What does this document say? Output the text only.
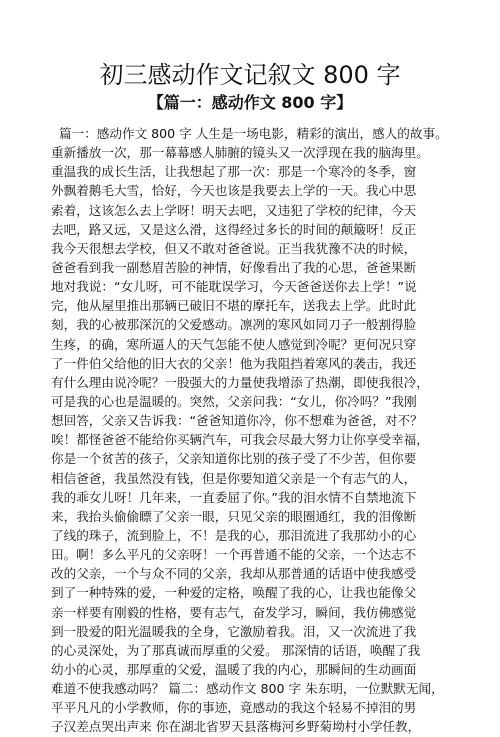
初三感动作文记叙文 800 字
【篇一：感动作文 800 字】
篇一：感动作文 800 字 人生是一场电影，精彩的演出，感人的故事。
重新播放一次，那一幕幕感人肺腑的镜头又一次浮现在我的脑海里。
重温我的成长生活，让我想起了那一次：那是一个寒冷的冬季，窗
外飘着鹅毛大雪，恰好，今天也该是我要去上学的一天。我心中思
索着，这该怎么去上学呀！明天去吧，又违犯了学校的纪律，今天
去吧，路又远，又是这么滑，这得经过多长的时间的颠簸呀！反正
我今天很想去学校，但又不敢对爸爸说。正当我犹豫不决的时候，
爸爸看到我一副愁眉苦脸的神情，好像看出了我的心思，爸爸果断
地对我说：“女儿呀，可不能耽误学习，今天爸爸送你去上学！”说
完，他从屋里推出那辆已破旧不堪的摩托车，送我去上学。此时此
刻，我的心被那深沉的父爱感动。凛冽的寒风如同刀子一般割得脸
生疼，的确，寒所逼人的天气怎能不使人感觉到冷呢？更何况只穿
了一件伯父给他的旧大衣的父亲！他为我阻挡着寒风的袭击，我还
有什么理由说冷呢？一股强大的力量使我增添了热潮，即使我很冷，
可是我的心也是温暖的。突然，父亲问我：“女儿，你冷吗？”我刚
想回答，父亲又告诉我：“爸爸知道你冷，你不想难为爸爸，对不？
唉！都怪爸爸不能给你买辆汽车，可我会尽最大努力让你享受幸福，
你是一个贫苦的孩子，父亲知道你比别的孩子受了不少苦，但你要
相信爸爸，我虽然没有钱，但是你要知道父亲是一个有志气的人，
我的乖女儿呀！几年来，一直委屈了你。”我的泪水情不自禁地流下
来，我抬头偷偷瞟了父亲一眼，只见父亲的眼圈通红，我的泪像断
了线的珠子，流到脸上，不！是我的心，那泪流进了我那幼小的心
田。啊！多么平凡的父亲呀！一个再普通不能的父亲，一个达志不
改的父亲，一个与众不同的父亲，我却从那普通的话语中使我感受
到了一种特殊的爱，一种爱的定格，唤醒了我的心，让我也能像父
亲一样要有刚毅的性格，要有志气，奋发学习，瞬间，我仿佛感觉
到一股爱的阳光温暖我的全身，它激励着我。泪，又一次流进了我
的心灵深处，为了那真诚而厚重的父爱。 那深情的话语，唤醒了我
幼小的心灵，那厚重的父爱，温暖了我的内心，那瞬间的生动画面
难道不使我感动吗？ 篇二：感动作文 800 字 朱东明，一位默默无闻，
平平凡凡的小学教师，你的事迹，竟感动的我这个轻易不掉泪的男
子汉差点哭出声来 你在湖北省罗天县落梅河乡野菊坳村小学任教，
